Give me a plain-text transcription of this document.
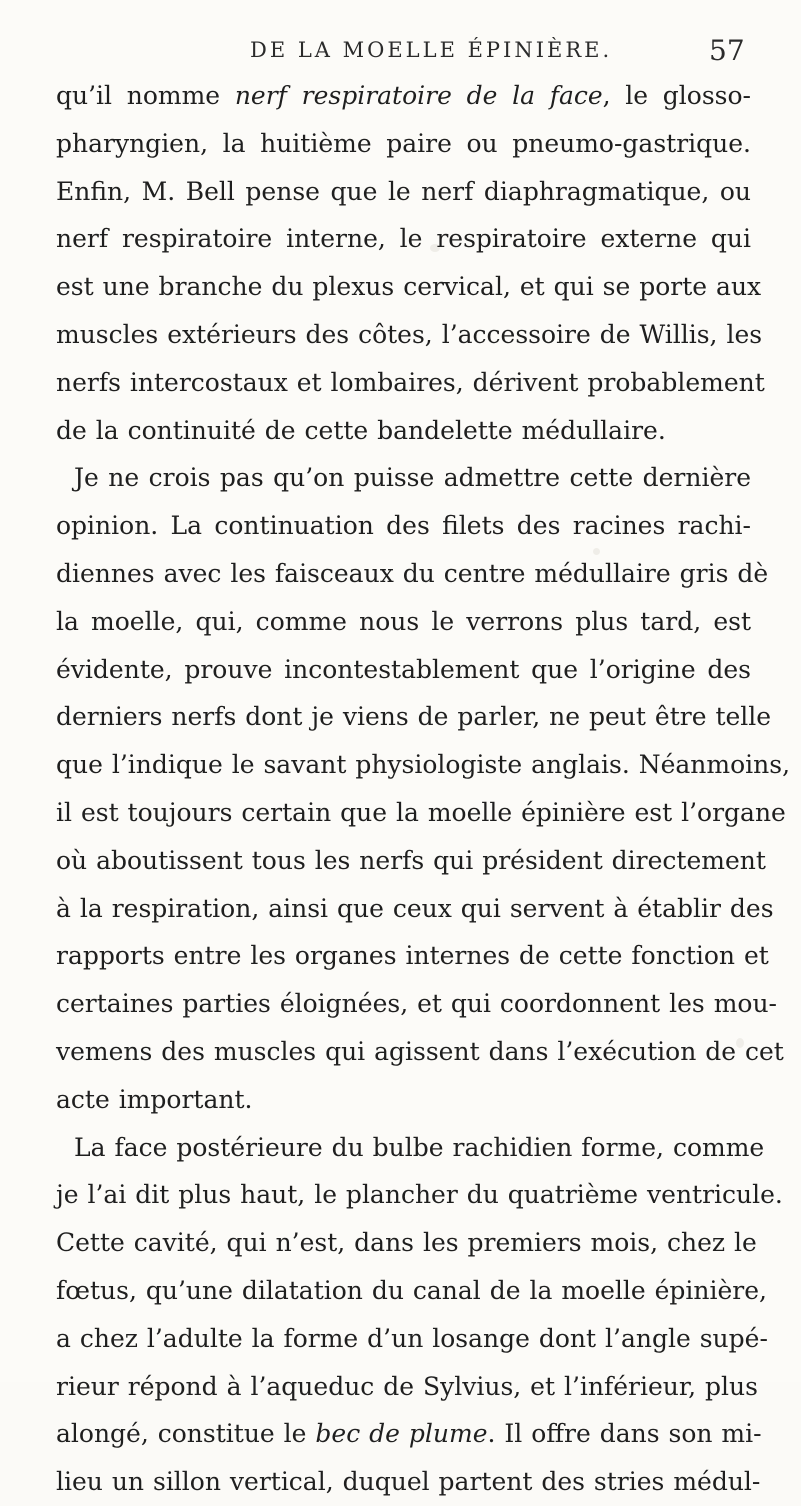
DE LA MOELLE ÉPINIÈRE.	57
qu’il nomme nerf respiratoire de la face, le glosso-
pharyngien, la huitième paire ou pneumo-gastrique.
Enfin, M. Bell pense que le nerf diaphragmatique, ou
nerf respiratoire interne, le respiratoire externe qui
est une branche du plexus cervical, et qui se porte aux
muscles extérieurs des côtes, l’accessoire de Willis, les
nerfs intercostaux et lombaires, dérivent probablement
de la continuité de cette bandelette médullaire.
Je ne crois pas qu’on puisse admettre cette dernière
opinion. La continuation des filets des racines rachi-
diennes avec les faisceaux du centre médullaire gris dè
la moelle, qui, comme nous le verrons plus tard, est
évidente, prouve incontestablement que l’origine des
derniers nerfs dont je viens de parler, ne peut être telle
que l’indique le savant physiologiste anglais. Néanmoins,
il est toujours certain que la moelle épinière est l’organe
où aboutissent tous les nerfs qui président directement
à la respiration, ainsi que ceux qui servent à établir des
rapports entre les organes internes de cette fonction et
certaines parties éloignées, et qui coordonnent les mou-
vemens des muscles qui agissent dans l’exécution de cet
acte important.
La face postérieure du bulbe rachidien forme, comme
je l’ai dit plus haut, le plancher du quatrième ventricule.
Cette cavité, qui n’est, dans les premiers mois, chez le
fœtus, qu’une dilatation du canal de la moelle épinière,
a chez l’adulte la forme d’un losange dont l’angle supé-
rieur répond à l’aqueduc de Sylvius, et l’inférieur, plus
alongé, constitue le bec de plume. Il offre dans son mi-
lieu un sillon vertical, duquel partent des stries médul-
